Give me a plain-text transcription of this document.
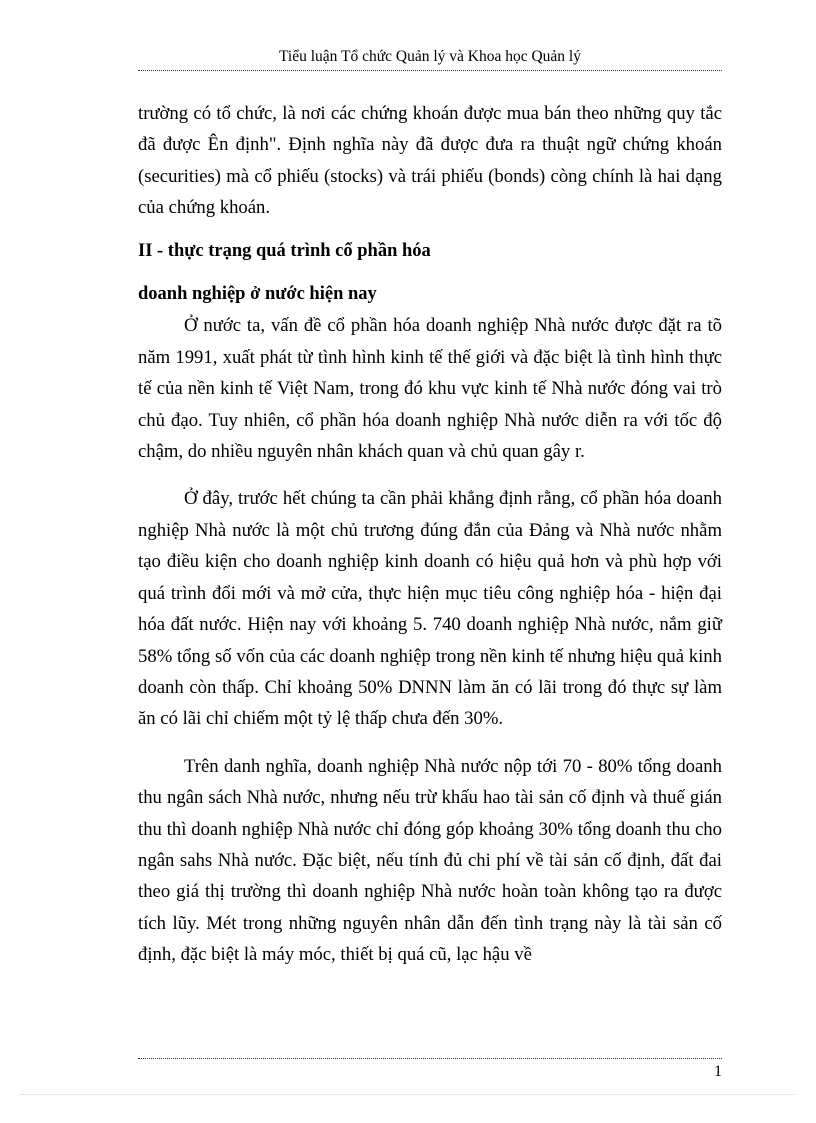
Tiểu luận Tổ chức Quản lý và Khoa học Quản lý

trường có tổ chức, là nơi các chứng khoán được mua bán theo những quy tắc đã được Ên định". Định nghĩa này đã được đưa ra thuật ngữ chứng khoán (securities) mà cổ phiếu (stocks) và trái phiếu (bonds) còng chính là hai dạng của chứng khoán.

II - thực trạng quá trình cổ phần hóa

doanh nghiệp ở nước hiện nay

Ở nước ta, vấn đề cổ phần hóa doanh nghiệp Nhà nước được đặt ra tõ năm 1991, xuất phát từ tình hình kinh tế thế giới và đặc biệt là tình hình thực tế của nền kinh tế Việt Nam, trong đó khu vực kinh tế Nhà nước đóng vai trò chủ đạo. Tuy nhiên, cổ phần hóa doanh nghiệp Nhà nước diễn ra với tốc độ chậm, do nhiều nguyên nhân khách quan và chủ quan gây r.

Ở đây, trước hết chúng ta cần phải khẳng định rằng, cổ phần hóa doanh nghiệp Nhà nước là một chủ trương đúng đắn của Đảng và Nhà nước nhằm tạo điều kiện cho doanh nghiệp kinh doanh có hiệu quả hơn và phù hợp với quá trình đổi mới và mở cửa, thực hiện mục tiêu công nghiệp hóa - hiện đại hóa đất nước. Hiện nay với khoảng 5. 740 doanh nghiệp Nhà nước, nắm giữ 58% tổng số vốn của các doanh nghiệp trong nền kinh tế nhưng hiệu quả kinh doanh còn thấp. Chỉ khoảng 50% DNNN làm ăn có lãi trong đó thực sự làm ăn có lãi chỉ chiếm một tỷ lệ thấp chưa đến 30%.

Trên danh nghĩa, doanh nghiệp Nhà nước nộp tới 70 - 80% tổng doanh thu ngân sách Nhà nước, nhưng nếu trừ khấu hao tài sản cố định và thuế gián thu thì doanh nghiệp Nhà nước chỉ đóng góp khoảng 30% tổng doanh thu cho ngân sahs Nhà nước. Đặc biệt, nếu tính đủ chi phí về tài sản cố định, đất đai theo giá thị trường thì doanh nghiệp Nhà nước hoàn toàn không tạo ra được tích lũy. Mét trong những nguyên nhân dẫn đến tình trạng này là tài sản cố định, đặc biệt là máy móc, thiết bị quá cũ, lạc hậu về

1
